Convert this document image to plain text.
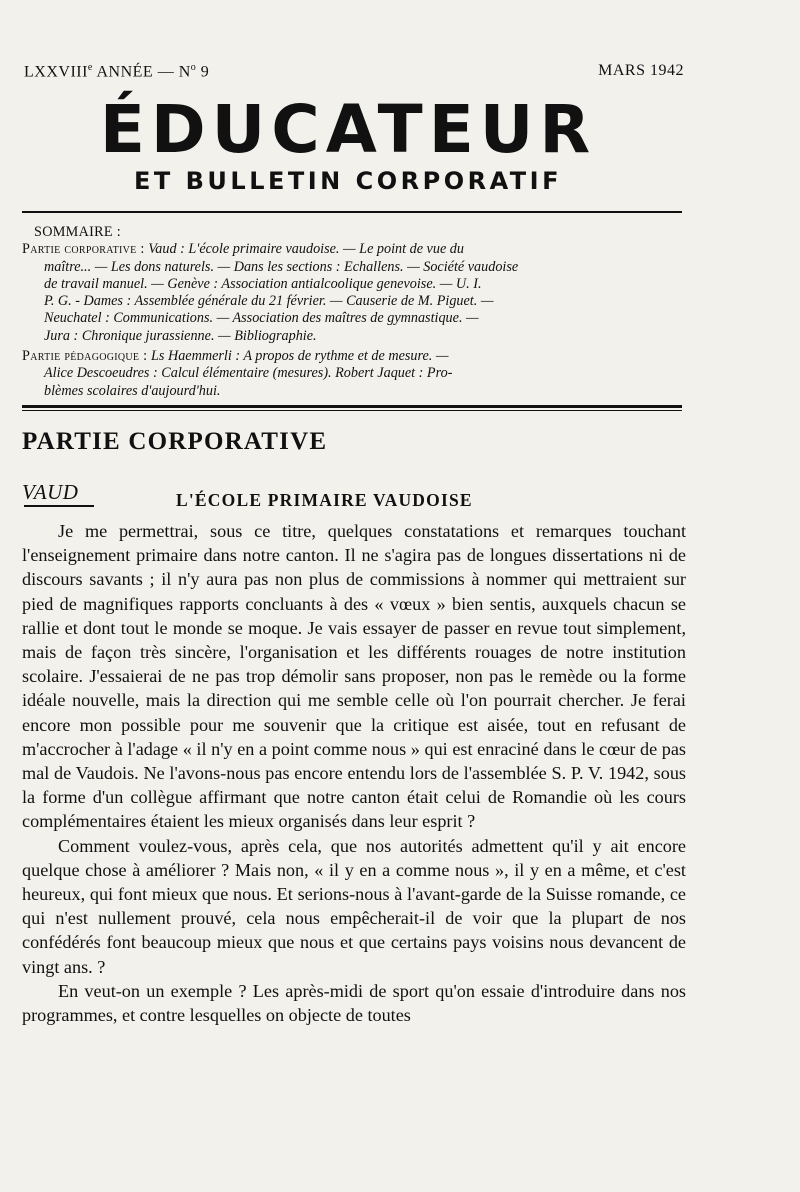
LXXVIIIe ANNÉE — $N^o$ 9	MARS 1942
ÉDUCATEUR
ET BULLETIN CORPORATIF
SOMMAIRE :
Partie corporative : Vaud : L'école primaire vaudoise. — Le point de vue du
maître... — Les dons naturels. — Dans les sections : Echallens. — Société vaudoise
de travail manuel. — Genève : Association antialcoolique genevoise. — U. I.
P. G. - Dames : Assemblée générale du 21 février. — Causerie de M. Piguet. —
Neuchatel : Communications. — Association des maîtres de gymnastique. —
Jura : Chronique jurassienne. — Bibliographie.
Partie pédagogique : Ls Haemmerli : A propos de rythme et de mesure. —
Alice Descoeudres : Calcul élémentaire (mesures). Robert Jaquet : Pro-
blèmes scolaires d'aujourd'hui.
PARTIE CORPORATIVE
VAUD	L'ÉCOLE PRIMAIRE VAUDOISE

Je me permettrai, sous ce titre, quelques constatations et remarques touchant l'enseignement primaire dans notre canton. Il ne s'agira pas de longues dissertations ni de discours savants ; il n'y aura pas non plus de commissions à nommer qui mettraient sur pied de magnifiques rapports concluants à des « vœux » bien sentis, auxquels chacun se rallie et dont tout le monde se moque. Je vais essayer de passer en revue tout simplement, mais de façon très sincère, l'organisation et les différents rouages de notre institution scolaire. J'essaierai de ne pas trop démolir sans proposer, non pas le remède ou la forme idéale nouvelle, mais la direction qui me semble celle où l'on pourrait chercher. Je ferai encore mon possible pour me souvenir que la critique est aisée, tout en refusant de m'accrocher à l'adage « il n'y en a point comme nous » qui est enraciné dans le cœur de pas mal de Vaudois. Ne l'avons-nous pas encore entendu lors de l'assemblée S. P. V. 1942, sous la forme d'un collègue affirmant que notre canton était celui de Romandie où les cours complémentaires étaient les mieux organisés dans leur esprit ?

Comment voulez-vous, après cela, que nos autorités admettent qu'il y ait encore quelque chose à améliorer ? Mais non, « il y en a comme nous », il y en a même, et c'est heureux, qui font mieux que nous. Et serions-nous à l'avant-garde de la Suisse romande, ce qui n'est nullement prouvé, cela nous empêcherait-il de voir que la plupart de nos confédérés font beaucoup mieux que nous et que certains pays voisins nous devancent de vingt ans. ?

En veut-on un exemple ? Les après-midi de sport qu'on essaie d'introduire dans nos programmes, et contre lesquelles on objecte de toutes
